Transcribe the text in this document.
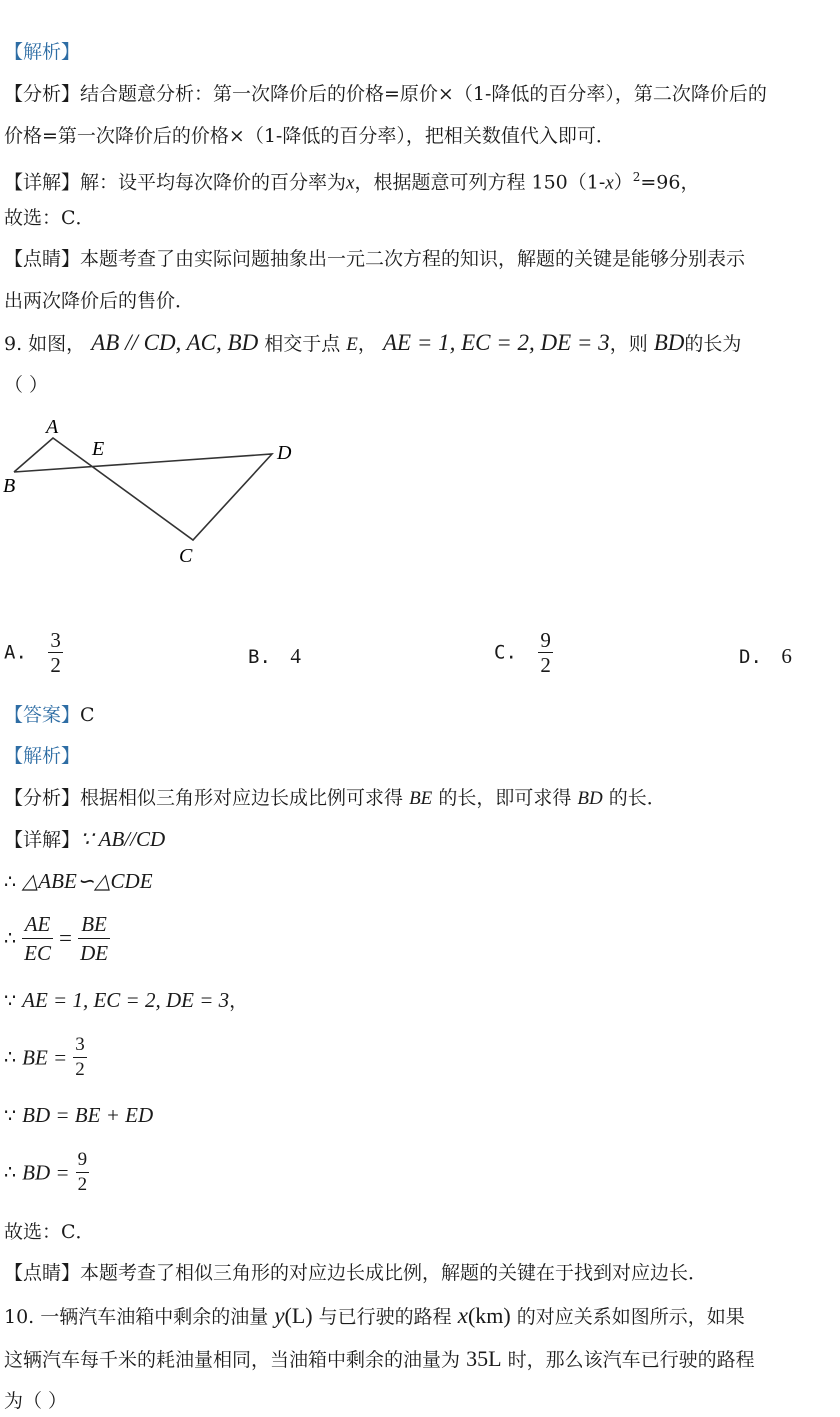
【解析】
【分析】结合题意分析：第一次降价后的价格=原价×（1-降低的百分率），第二次降价后的
价格=第一次降价后的价格×（1-降低的百分率），把相关数值代入即可．
【详解】解：设平均每次降价的百分率为x，根据题意可列方程 $150(1-x)^2=96$，
故选：C．
【点睛】本题考查了由实际问题抽象出一元二次方程的知识，解题的关键是能够分别表示
出两次降价后的售价．
9. 如图， AB // CD, AC, BD 相交于点 E， AE = 1, EC = 2, DE = 3，则 BD的长为
（ ）
A
B
C
D
E
A. $\frac{3}{2}$	B. 4	C. $\frac{9}{2}$	D. 6
【答案】C
【解析】
【分析】根据相似三角形对应边长成比例可求得 BE 的长，即可求得 BD 的长．
【详解】∵ AB//CD
∴ △ABE∽△CDE
∴ $\frac{AE}{EC} = \frac{BE}{DE}$
∵ AE = 1, EC = 2, DE = 3，
∴ BE = $\frac{3}{2}$
∵ BD = BE + ED
∴ BD = $\frac{9}{2}$
故选：C．
【点睛】本题考查了相似三角形的对应边长成比例，解题的关键在于找到对应边长．
10. 一辆汽车油箱中剩余的油量 y(L) 与已行驶的路程 x(km) 的对应关系如图所示，如果
这辆汽车每千米的耗油量相同，当油箱中剩余的油量为 35L 时，那么该汽车已行驶的路程
为（ ）
